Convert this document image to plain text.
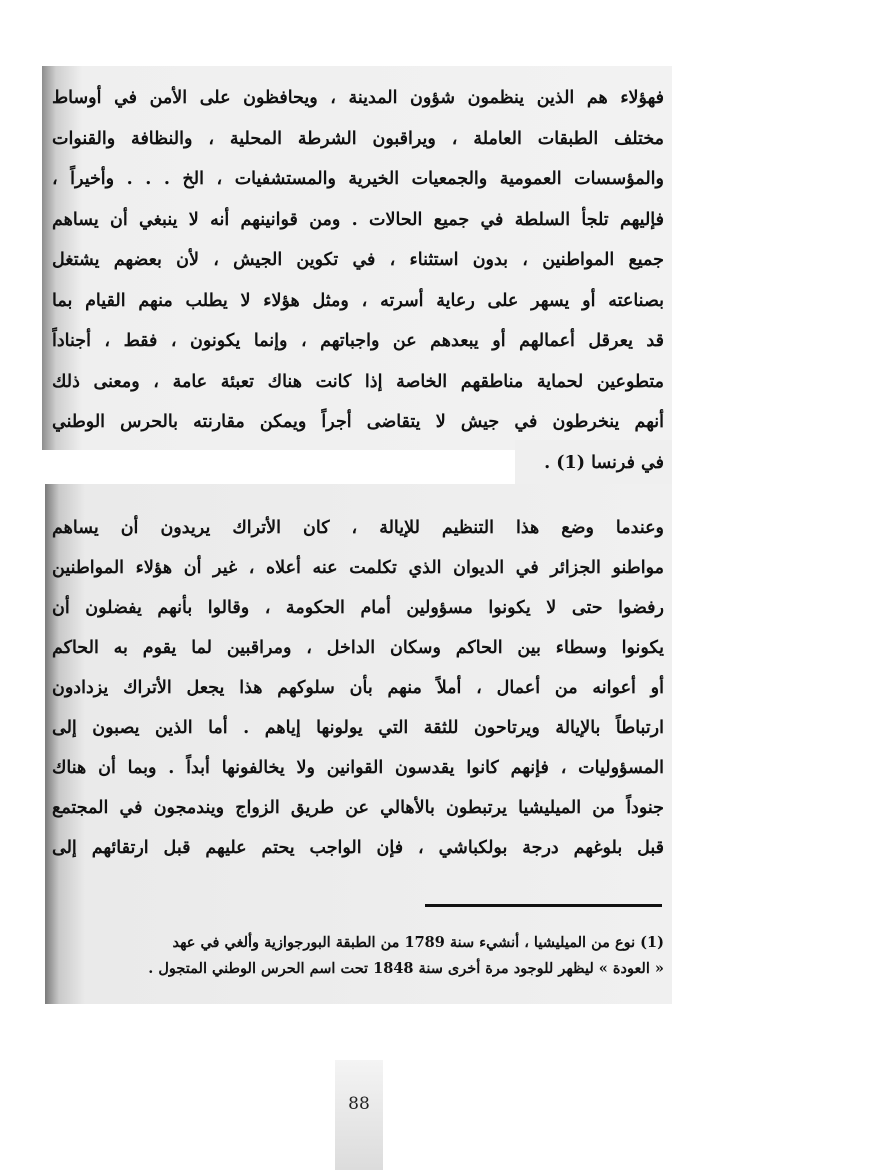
فهؤلاء هم الذين ينظمون شؤون المدينة ، ويحافظون على الأمن في أوساط
مختلف الطبقات العاملة ، ويراقبون الشرطة المحلية ، والنظافة والقنوات
والمؤسسات العمومية والجمعيات الخيرية والمستشفيات ، الخ . . . وأخيراً ،
فإليهم تلجأ السلطة في جميع الحالات . ومن قوانينهم أنه لا ينبغي أن يساهم
جميع المواطنين ، بدون استثناء ، في تكوين الجيش ، لأن بعضهم يشتغل
بصناعته أو يسهر على رعاية أسرته ، ومثل هؤلاء لا يطلب منهم القيام بما
قد يعرقل أعمالهم أو يبعدهم عن واجباتهم ، وإنما يكونون ، فقط ، أجناداً
متطوعين لحماية مناطقهم الخاصة إذا كانت هناك تعبئة عامة ، ومعنى ذلك
أنهم ينخرطون في جيش لا يتقاضى أجراً ويمكن مقارنته بالحرس الوطني
في فرنسا (1) .
وعندما وضع هذا التنظيم للإيالة ، كان الأتراك يريدون أن يساهم
مواطنو الجزائر في الديوان الذي تكلمت عنه أعلاه ، غير أن هؤلاء المواطنين
رفضوا حتى لا يكونوا مسؤولين أمام الحكومة ، وقالوا بأنهم يفضلون أن
يكونوا وسطاء بين الحاكم وسكان الداخل ، ومراقبين لما يقوم به الحاكم
أو أعوانه من أعمال ، أملاً منهم بأن سلوكهم هذا يجعل الأتراك يزدادون
ارتباطاً بالإيالة ويرتاحون للثقة التي يولونها إياهم . أما الذين يصبون إلى
المسؤوليات ، فإنهم كانوا يقدسون القوانين ولا يخالفونها أبداً . وبما أن هناك
جنوداً من الميليشيا يرتبطون بالأهالي عن طريق الزواج ويندمجون في المجتمع
قبل بلوغهم درجة بولكباشي ، فإن الواجب يحتم عليهم قبل ارتقائهم إلى
(1) نوع من الميليشيا ، أنشيء سنة 1789 من الطبقة البورجوازية وألغي في عهد
« العودة » ليظهر للوجود مرة أخرى سنة 1848 تحت اسم الحرس الوطني المتجول .
88
